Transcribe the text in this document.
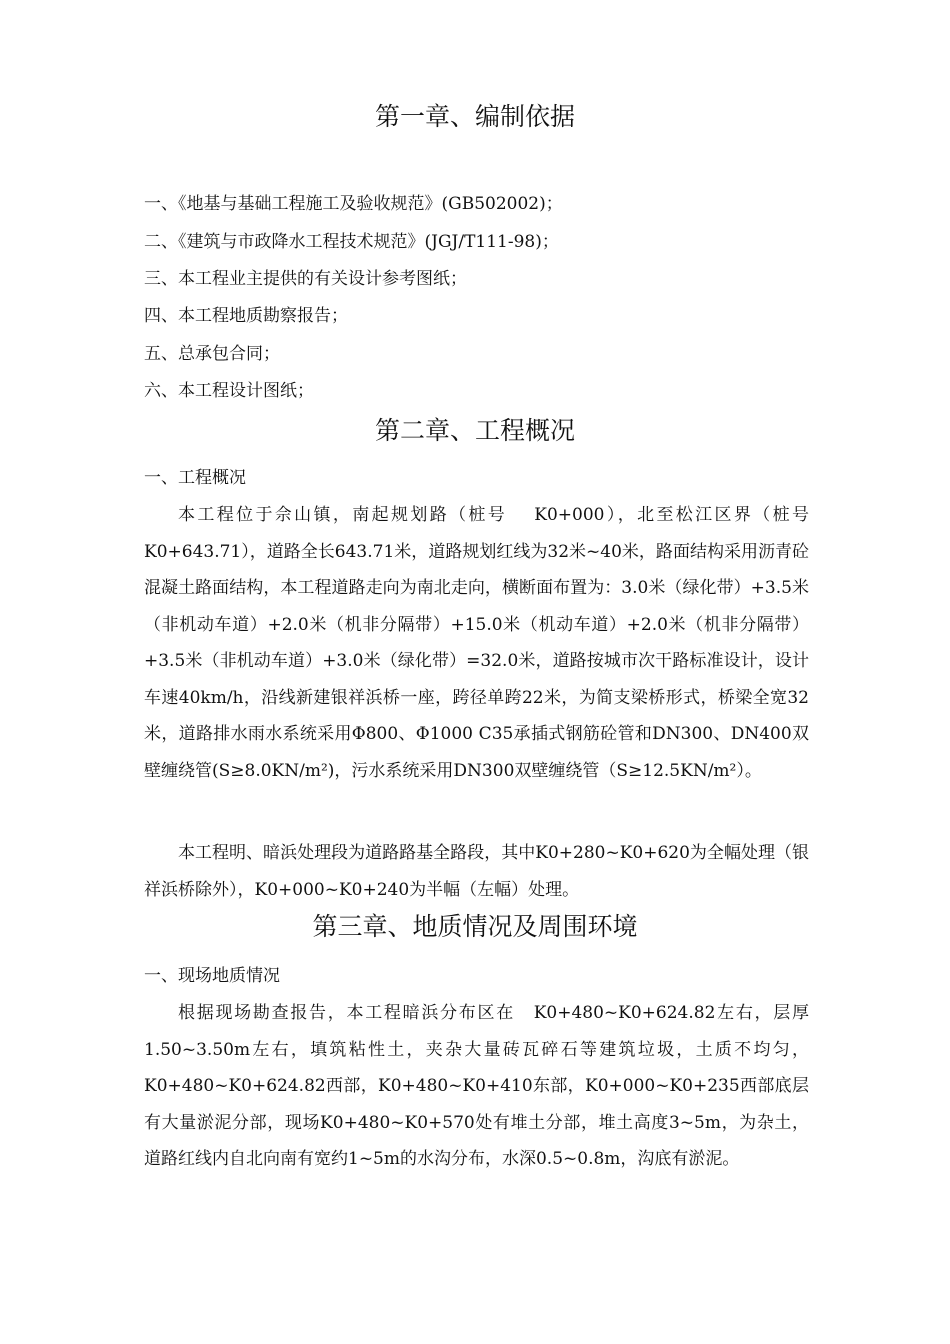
第一章、编制依据

一、《地基与基础工程施工及验收规范》(GB502002)；

二、《建筑与市政降水工程技术规范》(JGJ/T111-98)；

三、本工程业主提供的有关设计参考图纸；

四、本工程地质勘察报告；

五、总承包合同；

六、本工程设计图纸；

第二章、工程概况

一、工程概况

本工程位于佘山镇，南起规划路（桩号　 K0+000），北至松江区界（桩号K0+643.71），道路全长643.71米，道路规划红线为32米~40米，路面结构采用沥青砼混凝土路面结构，本工程道路走向为南北走向，横断面布置为：3.0米（绿化带）+3.5米（非机动车道）+2.0米（机非分隔带）+15.0米（机动车道）+2.0米（机非分隔带）+3.5米（非机动车道）+3.0米（绿化带）=32.0米，道路按城市次干路标准设计，设计车速40km/h，沿线新建银祥浜桥一座，跨径单跨22米，为简支梁桥形式，桥梁全宽32米，道路排水雨水系统采用Φ800、Φ1000 C35承插式钢筋砼管和DN300、DN400双壁缠绕管(S≥8.0KN/m²)，污水系统采用DN300双壁缠绕管（S≥12.5KN/m²）。

本工程明、暗浜处理段为道路路基全路段，其中K0+280~K0+620为全幅处理（银祥浜桥除外），K0+000~K0+240为半幅（左幅）处理。

第三章、地质情况及周围环境

一、现场地质情况

根据现场勘查报告，本工程暗浜分布区在　K0+480~K0+624.82左右，层厚1.50~3.50m左右，填筑粘性土，夹杂大量砖瓦碎石等建筑垃圾，土质不均匀，K0+480~K0+624.82西部，K0+480~K0+410东部，K0+000~K0+235西部底层有大量淤泥分部，现场K0+480~K0+570处有堆土分部，堆土高度3~5m，为杂土，道路红线内自北向南有宽约1~5m的水沟分布，水深0.5~0.8m，沟底有淤泥。
